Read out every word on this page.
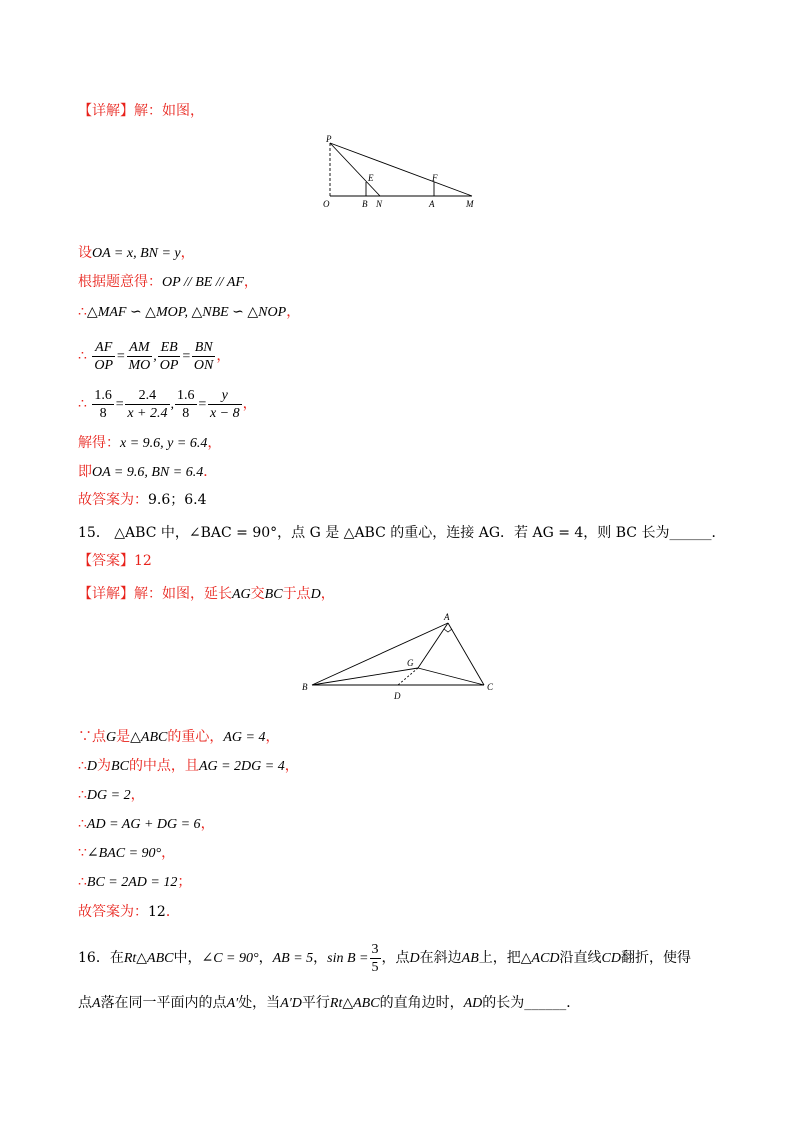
【详解】解：如图，
P
O	B N	A	M
E	F
设OA = x, BN = y，
根据题意得：OP // BE // AF，
∴△MAF ∽ △MOP, △NBE ∽ △NOP，
∴ $\frac{AF}{OP} = \frac{AM}{MO}$ , $\frac{EB}{OP} = \frac{BN}{ON}$ ，
∴ $\frac{1.6}{8} = \frac{2.4}{x + 2.4}$ , $\frac{1.6}{8} = \frac{y}{x - 8}$ ，
解得：x = 9.6, y = 6.4，
即OA = 9.6, BN = 6.4．
故答案为：9.6；6.4
15． △ABC 中，∠BAC = 90°，点 G 是 △ABC 的重心，连接 AG．若 AG = 4，则 BC 长为______．
【答案】12
【详解】解：如图，延长AG交BC于点D，
A
B	C
G
D
∵点G是△ABC的重心，AG = 4，
∴D为BC的中点，且AG = 2DG = 4，
∴DG = 2，
∴AD = AG + DG = 6，
∵∠BAC = 90°，
∴BC = 2AD = 12；
故答案为：12．
16．在Rt△ABC中，∠C = 90°，AB = 5，$\sin B = \frac{3}{5}$ ，点D在斜边AB上，把△ACD沿直线CD翻折，使得
点A落在同一平面内的点A′处，当A′D平行Rt△ABC的直角边时，AD的长为______．
